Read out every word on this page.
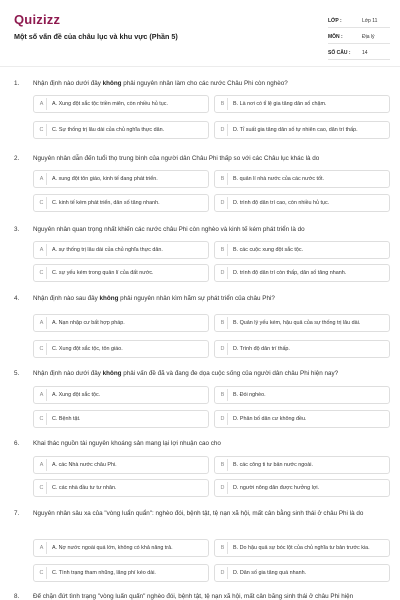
Quizizz
Một số vấn đề của châu lục và khu vực (Phần 5)
LỚP :	Lớp 11
MÔN :	Địa lý
SỐ CÂU :	14
1. Nhận định nào dưới đây không phải nguyên nhân làm cho các nước Châu Phi còn nghèo?
A	A. Xung đột sắc tộc triền miên, còn nhiều hủ tục.	B	B. Là nơi có tỉ lệ gia tăng dân số chậm.
C	C. Sự thống trị lâu dài của chủ nghĩa thực dân.	D	D. Tỉ suất gia tăng dân số tự nhiên cao, dân trí thấp.
2. Nguyên nhân dẫn đến tuổi thọ trung bình của người dân Châu Phi thấp so với các Châu lục khác là do
A	A. xung đột tôn giáo, kinh tế đang phát triển.	B	B. quản lí nhà nước của các nước tốt.
C	C. kinh tế kém phát triển, dân số tăng nhanh.	D	D. trình độ dân trí cao, còn nhiều hủ tục.
3. Nguyên nhân quan trọng nhất khiến các nước châu Phi còn nghèo và kinh tế kém phát triển là do
A	A. sự thống trị lâu dài của chủ nghĩa thực dân.	B	B. các cuộc xung đột sắc tộc.
C	C. sự yếu kém trong quản lí của đất nước.	D	D. trình độ dân trí còn thấp, dân số tăng nhanh.
4. Nhận định nào sau đây không phải nguyên nhân kìm hãm sự phát triển của châu Phi?
A	A. Nạn nhập cư bất hợp pháp.	B	B. Quản lý yếu kém, hậu quả của sự thống trị lâu dài.
C	C. Xung đột sắc tộc, tôn giáo.	D	D. Trình độ dân trí thấp.
5. Nhận định nào dưới đây không phải vấn đề đã và đang đe dọa cuộc sống của người dân châu Phi hiện nay?
A	A. Xung đột sắc tộc.	B	B. Đói nghèo.
C	C. Bệnh tật.	D	D. Phân bố dân cư không đều.
6. Khai thác nguồn tài nguyên khoáng sản mang lại lợi nhuận cao cho
A	A. các Nhà nước châu Phi.	B	B. các công ti tư bản nước ngoài.
C	C. các nhà đầu tư tư nhân.	D	D. người nông dân được hưởng lợi.
7. Nguyên nhân sâu xa của "vòng luẩn quẩn": nghèo đói, bệnh tật, tệ nạn xã hội, mất cân bằng sinh thái ở châu Phi là do
A	A. Nợ nước ngoài quá lớn, không có khả năng trả.	B	B. Do hậu quả sự bóc lột của chủ nghĩa tư bản trước kia.
C	C. Tình trạng tham nhũng, lãng phí kéo dài.	D	D. Dân số gia tăng quá nhanh.
8. Để chặn đứt tình trạng "vòng luẩn quẩn" nghèo đói, bệnh tật, tệ nạn xã hội, mất cân bằng sinh thái ở châu Phi hiện
